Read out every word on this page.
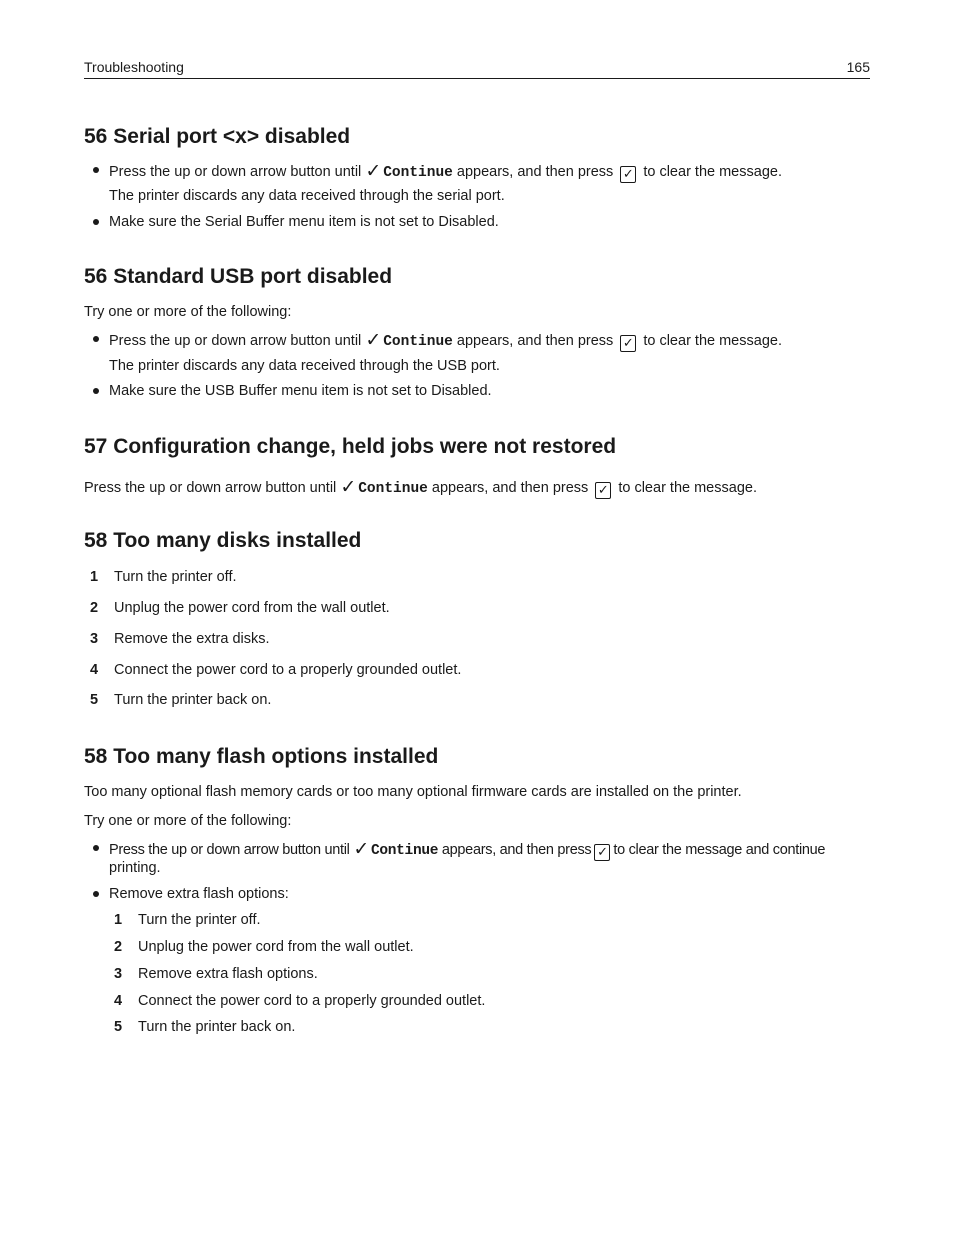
Troubleshooting	165
56 Serial port <x> disabled
Press the up or down arrow button until ✓ Continue appears, and then press ✓ to clear the message.
The printer discards any data received through the serial port.
Make sure the Serial Buffer menu item is not set to Disabled.
56 Standard USB port disabled
Try one or more of the following:
Press the up or down arrow button until ✓ Continue appears, and then press ✓ to clear the message.
The printer discards any data received through the USB port.
Make sure the USB Buffer menu item is not set to Disabled.
57 Configuration change, held jobs were not restored
Press the up or down arrow button until ✓ Continue appears, and then press ✓ to clear the message.
58 Too many disks installed
1 Turn the printer off.
2 Unplug the power cord from the wall outlet.
3 Remove the extra disks.
4 Connect the power cord to a properly grounded outlet.
5 Turn the printer back on.
58 Too many flash options installed
Too many optional flash memory cards or too many optional firmware cards are installed on the printer.
Try one or more of the following:
Press the up or down arrow button until ✓ Continue appears, and then press ✓ to clear the message and continue
printing.
Remove extra flash options:
1 Turn the printer off.
2 Unplug the power cord from the wall outlet.
3 Remove extra flash options.
4 Connect the power cord to a properly grounded outlet.
5 Turn the printer back on.
